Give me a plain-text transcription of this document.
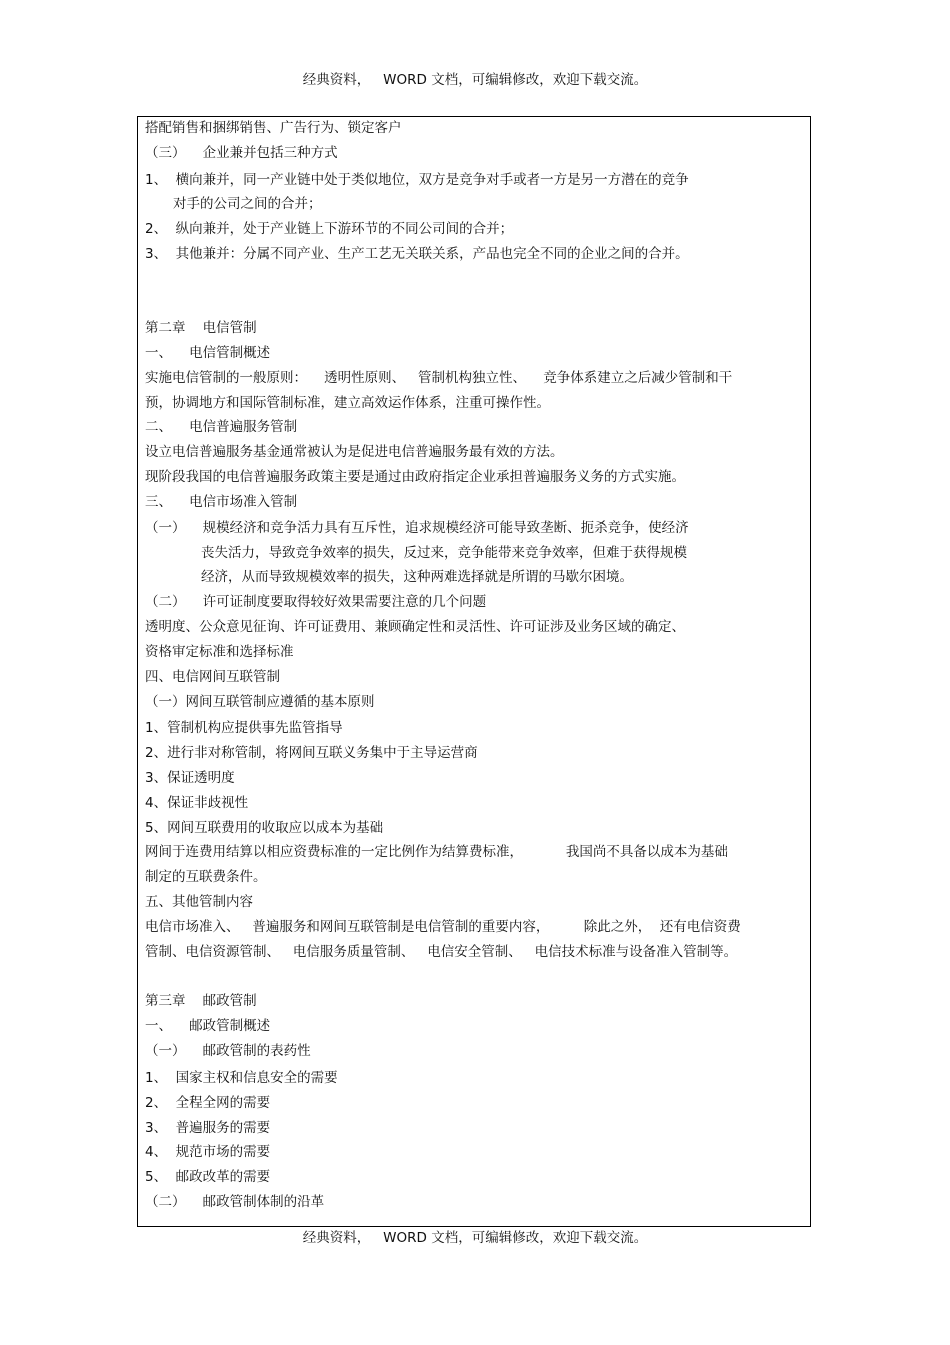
经典资料，   WORD 文档，可编辑修改，欢迎下载交流。
搭配销售和捆绑销售、广告行为、锁定客户
（三）    企业兼并包括三种方式
1、  横向兼并，同一产业链中处于类似地位，双方是竞争对手或者一方是另一方潜在的竞争
对手的公司之间的合并；
2、  纵向兼并，处于产业链上下游环节的不同公司间的合并；
3、  其他兼并：分属不同产业、生产工艺无关联关系，产品也完全不同的企业之间的合并。
第二章    电信管制
一、    电信管制概述
实施电信管制的一般原则：    透明性原则、   管制机构独立性、    竞争体系建立之后减少管制和干
预，协调地方和国际管制标准，建立高效运作体系，注重可操作性。
二、    电信普遍服务管制
设立电信普遍服务基金通常被认为是促进电信普遍服务最有效的方法。
现阶段我国的电信普遍服务政策主要是通过由政府指定企业承担普遍服务义务的方式实施。
三、    电信市场准入管制
（一）    规模经济和竞争活力具有互斥性，追求规模经济可能导致垄断、扼杀竞争，使经济
丧失活力，导致竞争效率的损失，反过来，竞争能带来竞争效率，但难于获得规模
经济，从而导致规模效率的损失，这种两难选择就是所谓的马歇尔困境。
（二）    许可证制度要取得较好效果需要注意的几个问题
透明度、公众意见征询、许可证费用、兼顾确定性和灵活性、许可证涉及业务区域的确定、
资格审定标准和选择标准
四、电信网间互联管制
（一）网间互联管制应遵循的基本原则
1、管制机构应提供事先监管指导
2、进行非对称管制，将网间互联义务集中于主导运营商
3、保证透明度
4、保证非歧视性
5、网间互联费用的收取应以成本为基础
网间于连费用结算以相应资费标准的一定比例作为结算费标准，          我国尚不具备以成本为基础
制定的互联费条件。
五、其他管制内容
电信市场准入、   普遍服务和网间互联管制是电信管制的重要内容，        除此之外，  还有电信资费
管制、电信资源管制、   电信服务质量管制、   电信安全管制、   电信技术标准与设备准入管制等。
第三章    邮政管制
一、    邮政管制概述
（一）    邮政管制的表药性
1、  国家主权和信息安全的需要
2、  全程全网的需要
3、  普遍服务的需要
4、  规范市场的需要
5、  邮政改革的需要
（二）    邮政管制体制的沿革
经典资料，   WORD 文档，可编辑修改，欢迎下载交流。
